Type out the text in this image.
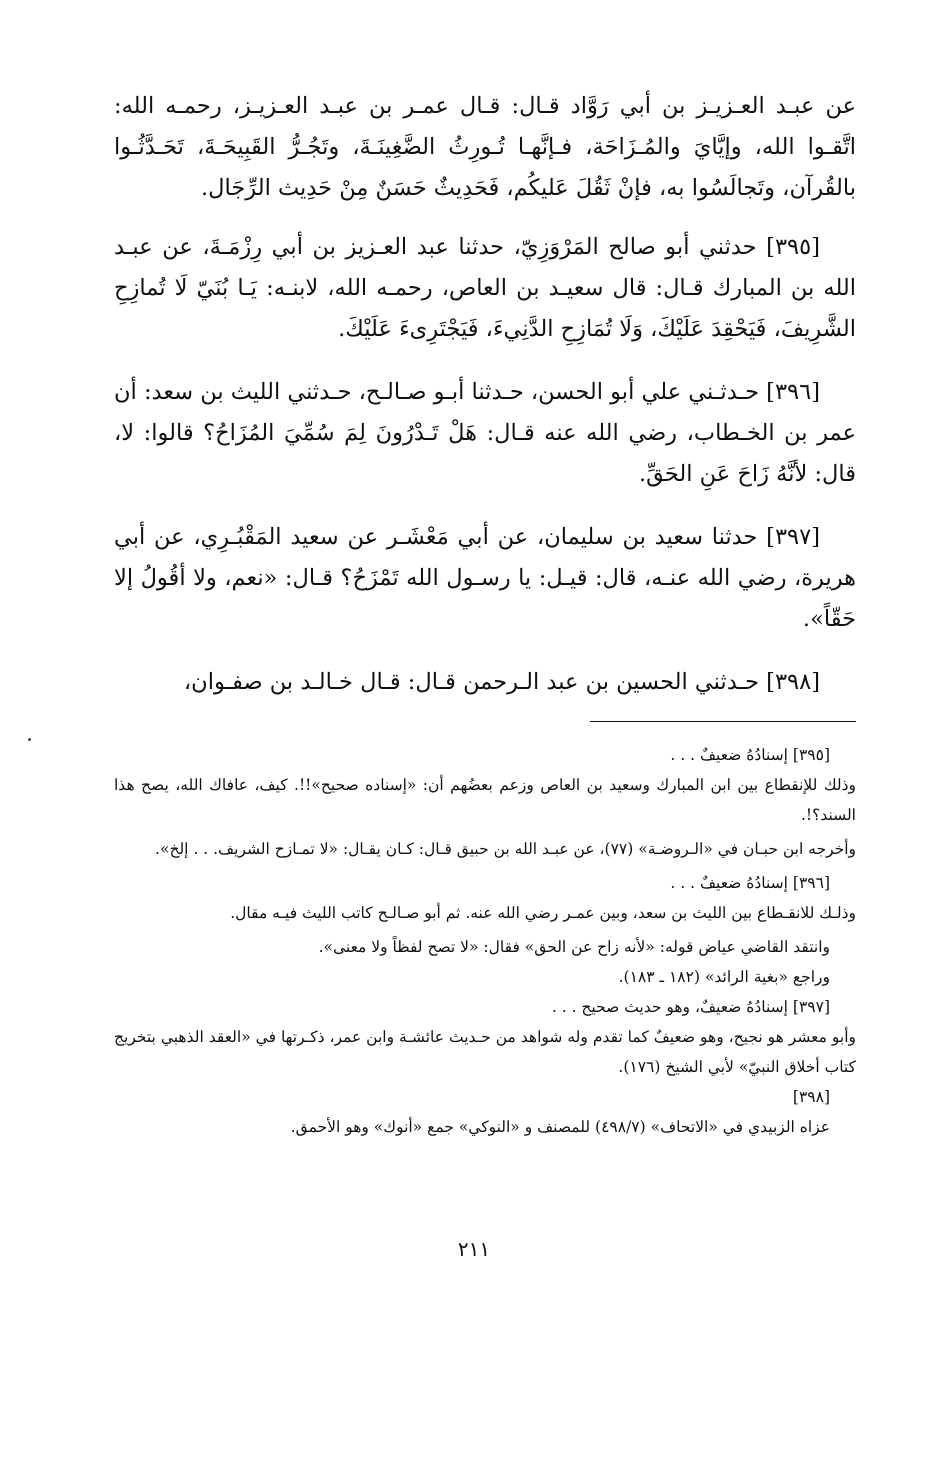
عن عبـد العـزيـز بن أبي رَوَّاد قـال: قـال عمـر بن عبـد العـزيـز، رحمـه الله: اتَّقـوا الله، وإيَّايَ والمُـزَاحَة، فـإنَّهـا تُـورِثُ الضَّغِينَـةَ، وتَجُـرُّ القَبِيحَـةَ، تَحَـدَّثُـوا بالقُرآن، وتَجالَسُوا به، فإنْ ثَقُلَ عَليكُم، فَحَدِيثٌ حَسَنٌ مِنْ حَدِيث الرِّجَال.

[٣٩٥] حدثني أبو صالح المَرْوَزِيّ، حدثنا عبد العـزيز بن أبي رِزْمَـةَ، عن عبـد الله بن المبارك قـال: قال سعيـد بن العاص، رحمـه الله، لابنـه: يَـا بُنَيّ لَا تُمازِحِ الشَّرِيفَ، فَيَحْقِدَ عَلَيْكَ، وَلَا تُمَازِحِ الدَّنِيءَ، فَيَجْتَرِىءَ عَلَيْكَ.

[٣٩٦] حـدثـني علي أبو الحسن، حـدثنا أبـو صـالـح، حـدثني الليث بن سعد: أن عمر بن الخـطاب، رضي الله عنه قـال: هَلْ تَـدْرُونَ لِمَ سُمِّيَ المُزَاحُ؟ قالوا: لا، قال: لأنَّهُ زَاحَ عَنِ الحَقِّ.

[٣٩٧] حدثنا سعيد بن سليمان، عن أبي مَعْشَـر عن سعيد المَقْبُـرِي، عن أبي هريرة، رضي الله عنـه، قال: قيـل: يا رسـول الله تَمْزَحُ؟ قـال: «نعم، ولا أقُولُ إلا حَقّاً».

[٣٩٨] حـدثني الحسين بن عبد الـرحمن قـال: قـال خـالـد بن صفـوان،

[٣٩٥] إسنادُهُ ضعيفٌ . . .

وذلك للإنقطاع بين ابن المبارك وسعيد بن العاص وزعم بعضُهم أن: «إسناده صحيح»!!. كيف، عافاك الله، يصح هذا السند؟!.

وأخرجه ابن حبـان في «الـروضـة» (٧٧)، عن عبـد الله بن حبيق قـال: كـان يقـال: «لا تمـازح الشريف. . . إلخ».

[٣٩٦] إسنادُهُ ضعيفٌ . . .

وذلـك للانقـطاع بين الليث بن سعد، وبين عمـر رضي الله عنه. ثم أبو صـالـح كاتب الليث فيـه مقال.

وانتقد القاضي عياض قوله: «لأنه زاح عن الحق» فقال: «لا تصح لفظاً ولا معنى».

وراجع «بغية الرائد» (١٨٢ ـ ١٨٣).

[٣٩٧] إسنادُهُ ضعيفٌ، وهو حديث صحيح . . .

وأبو معشر هو نجيح، وهو ضعيفٌ كما تقدم وله شواهد من حـديث عائشـة وابن عمر، ذكـرتها في «العقد الذهبي بتخريج كتاب أخلاق النبيّ» لأبي الشيخ (١٧٦).

[٣٩٨]

عزاه الزبيدي في «الاتحاف» (٤٩٨/٧) للمصنف و «النوكي» جمع «أنوك» وهو الأحمق.

٢١١
